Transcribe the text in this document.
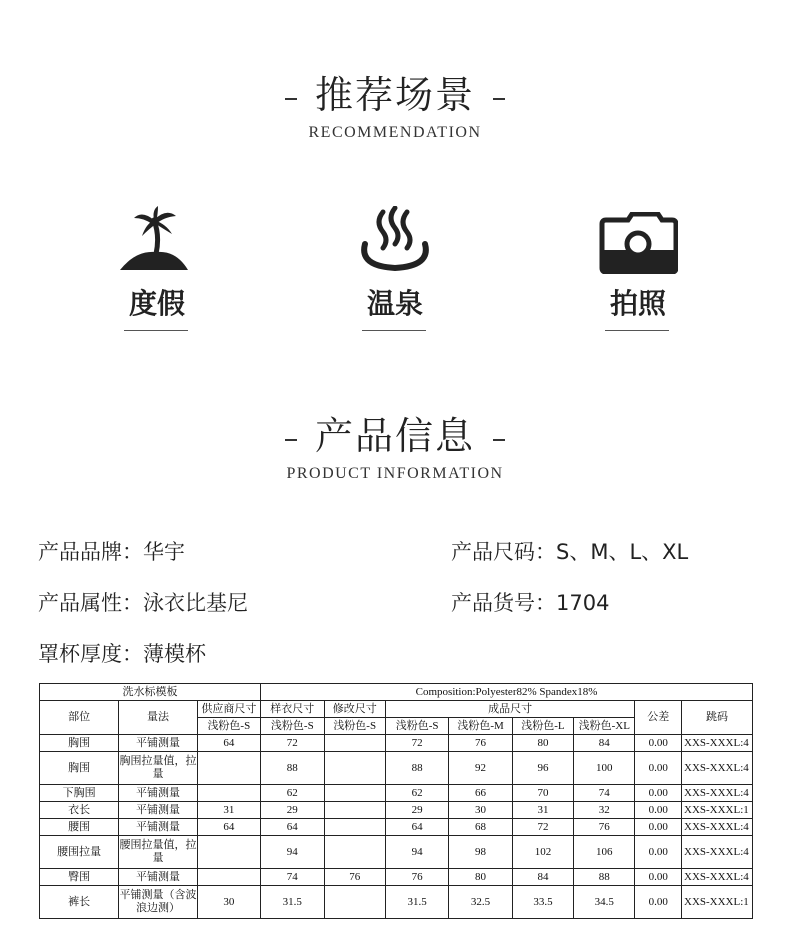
推荐场景
RECOMMENDATION
度假	温泉	拍照
产品信息
PRODUCT INFORMATION
产品品牌：华宇	产品尺码：S、M、L、XL
产品属性：泳衣比基尼	产品货号：1704
罩杯厚度：薄模杯
洗水标模板			Composition:Polyester82% Spandex18%							
部位	量法	供应商尺寸	样衣尺寸	修改尺寸	成品尺寸				公差	跳码
		浅粉色-S	浅粉色-S	浅粉色-S	浅粉色-S	浅粉色-M	浅粉色-L	浅粉色-XL		
胸围	平铺测量	64	72		72	76	80	84	0.00	XXS-XXXL:4
胸围	胸围拉量值，拉量		88		88	92	96	100	0.00	XXS-XXXL:4
下胸围	平铺测量		62		62	66	70	74	0.00	XXS-XXXL:4
衣长	平铺测量	31	29		29	30	31	32	0.00	XXS-XXXL:1
腰围	平铺测量	64	64		64	68	72	76	0.00	XXS-XXXL:4
腰围拉量	腰围拉量值，拉量		94		94	98	102	106	0.00	XXS-XXXL:4
臀围	平铺测量		74	76	76	80	84	88	0.00	XXS-XXXL:4
裤长	平铺测量（含波浪边测）	30	31.5		31.5	32.5	33.5	34.5	0.00	XXS-XXXL:1
